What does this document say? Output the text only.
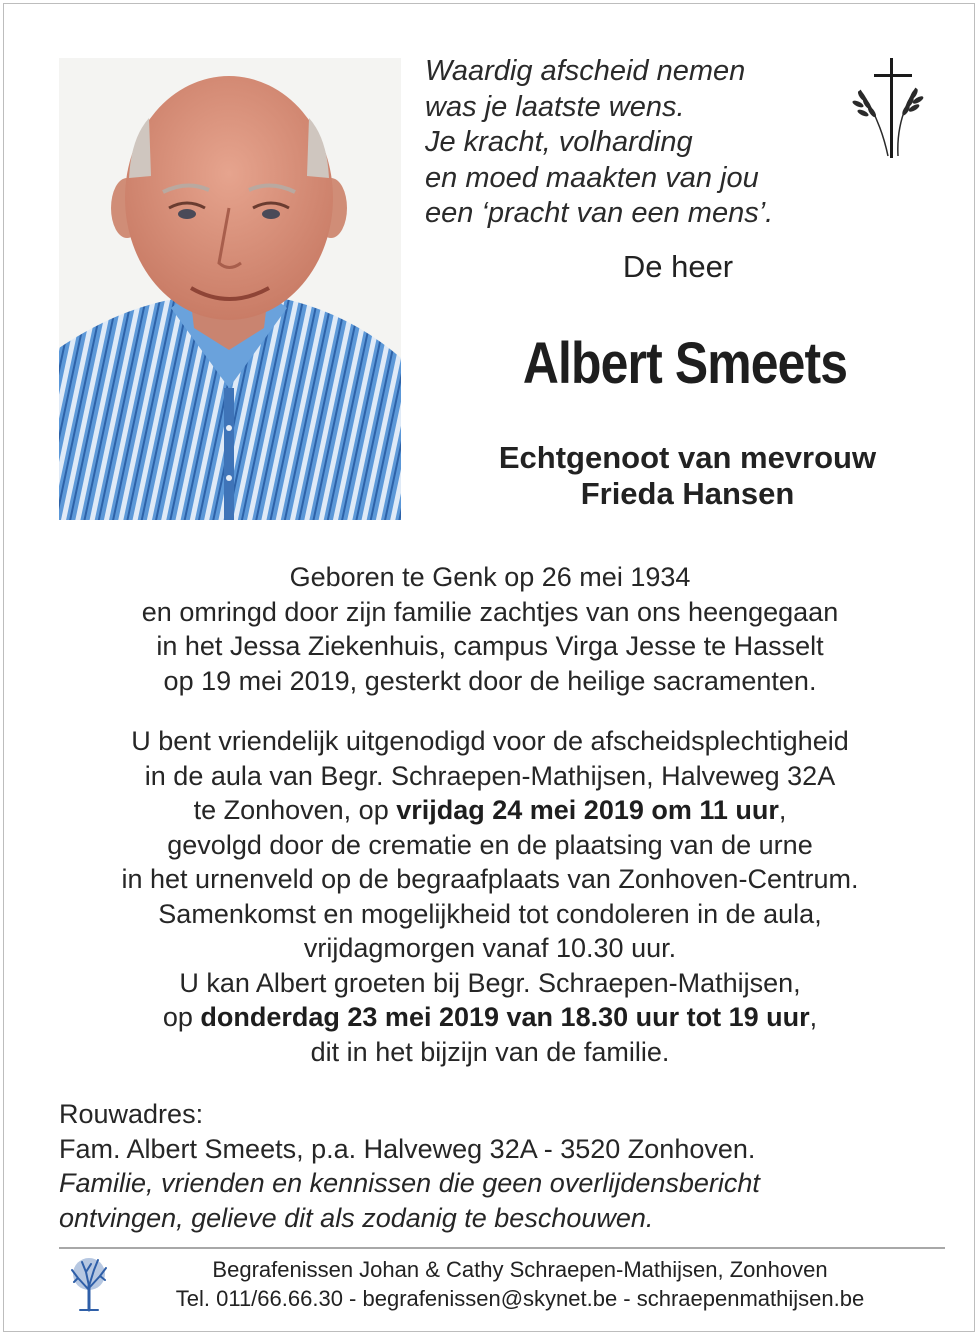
Waardig afscheid nemen
was je laatste wens.
Je kracht, volharding
en moed maakten van jou
een ‘pracht van een mens’.
De heer
Albert Smeets
Echtgenoot van mevrouw
Frieda Hansen
Geboren te Genk op 26 mei 1934
en omringd door zijn familie zachtjes van ons heengegaan
in het Jessa Ziekenhuis, campus Virga Jesse te Hasselt
op 19 mei 2019, gesterkt door de heilige sacramenten.
U bent vriendelijk uitgenodigd voor de afscheidsplechtigheid
in de aula van Begr. Schraepen-Mathijsen, Halveweg 32A
te Zonhoven, op vrijdag 24 mei 2019 om 11 uur,
gevolgd door de crematie en de plaatsing van de urne
in het urnenveld op de begraafplaats van Zonhoven-Centrum.
Samenkomst en mogelijkheid tot condoleren in de aula,
vrijdagmorgen vanaf 10.30 uur.
U kan Albert groeten bij Begr. Schraepen-Mathijsen,
op donderdag 23 mei 2019 van 18.30 uur tot 19 uur,
dit in het bijzijn van de familie.
Rouwadres:
Fam. Albert Smeets, p.a. Halveweg 32A - 3520 Zonhoven.
Familie, vrienden en kennissen die geen overlijdensbericht
ontvingen, gelieve dit als zodanig te beschouwen.
Begrafenissen Johan & Cathy Schraepen-Mathijsen, Zonhoven
Tel. 011/66.66.30 - begrafenissen@skynet.be - schraepenmathijsen.be
